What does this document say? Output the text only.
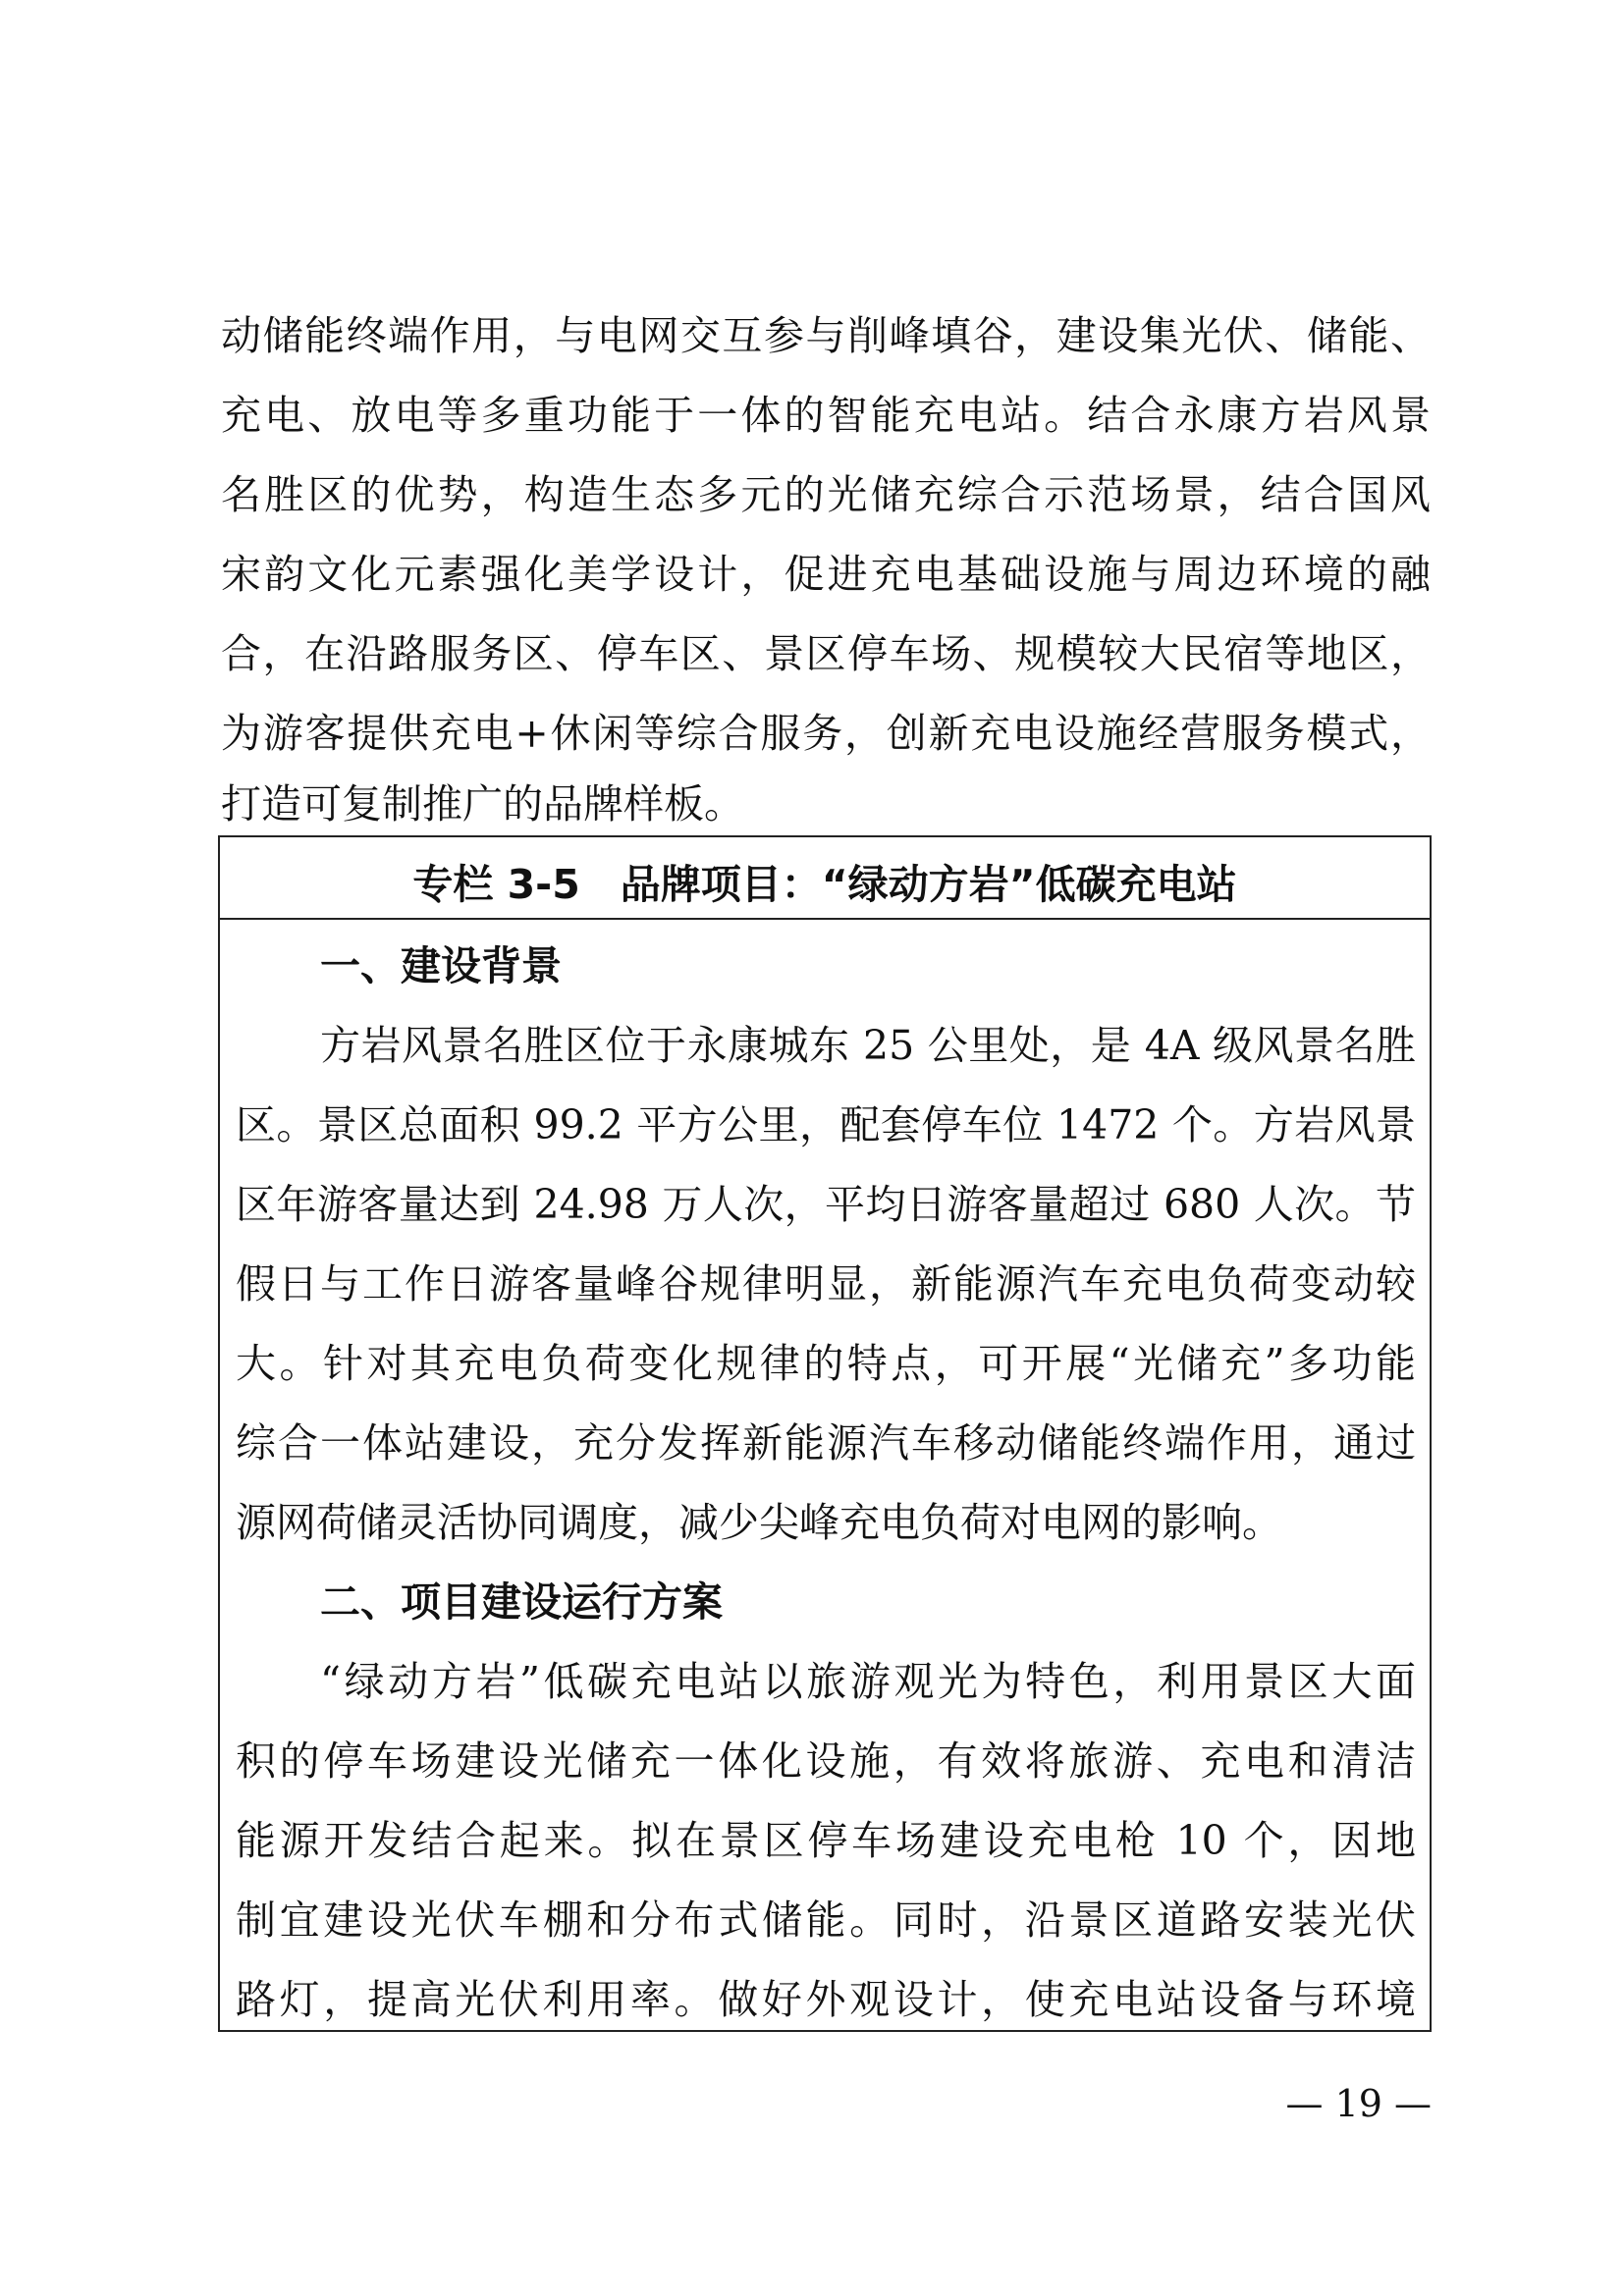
动储能终端作用，与电网交互参与削峰填谷，建设集光伏、储能、
充电、放电等多重功能于一体的智能充电站。结合永康方岩风景
名胜区的优势，构造生态多元的光储充综合示范场景，结合国风
宋韵文化元素强化美学设计，促进充电基础设施与周边环境的融
合，在沿路服务区、停车区、景区停车场、规模较大民宿等地区，
为游客提供充电+休闲等综合服务，创新充电设施经营服务模式，
打造可复制推广的品牌样板。
专栏 3-5　品牌项目：“绿动方岩”低碳充电站
一、建设背景
方岩风景名胜区位于永康城东 25 公里处，是 4A 级风景名胜
区。景区总面积 99.2 平方公里，配套停车位 1472 个。方岩风景
区年游客量达到 24.98 万人次，平均日游客量超过 680 人次。节
假日与工作日游客量峰谷规律明显，新能源汽车充电负荷变动较
大。针对其充电负荷变化规律的特点，可开展“光储充”多功能
综合一体站建设，充分发挥新能源汽车移动储能终端作用，通过
源网荷储灵活协同调度，减少尖峰充电负荷对电网的影响。
二、项目建设运行方案
“绿动方岩”低碳充电站以旅游观光为特色，利用景区大面
积的停车场建设光储充一体化设施，有效将旅游、充电和清洁
能源开发结合起来。拟在景区停车场建设充电枪 10 个，因地
制宜建设光伏车棚和分布式储能。同时，沿景区道路安装光伏
路灯，提高光伏利用率。做好外观设计，使充电站设备与环境
— 19 —
